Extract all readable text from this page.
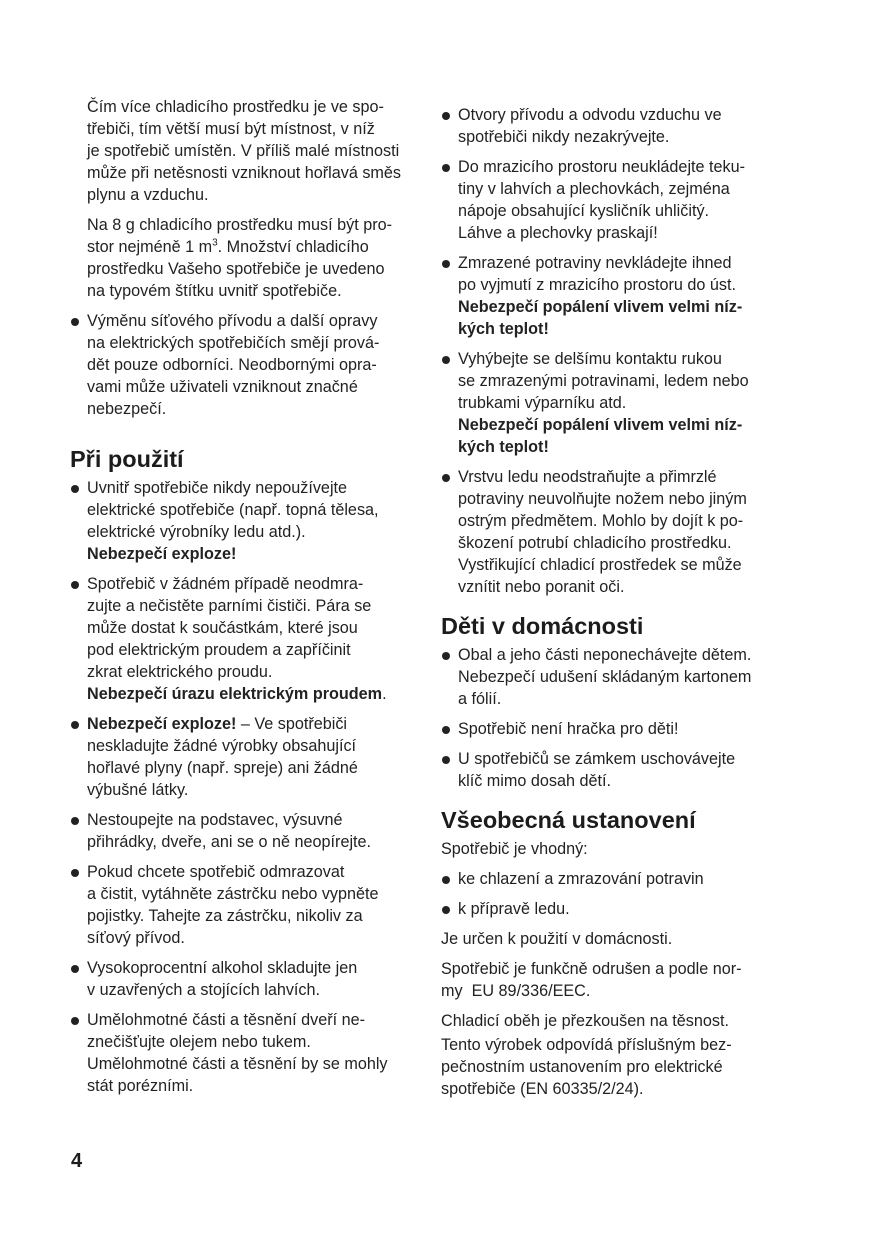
Čím více chladicího prostředku je ve spo-
třebiči, tím větší musí být místnost, v níž
je spotřebič umístěn. V příliš malé místnosti
může při netěsnosti vzniknout hořlavá směs
plynu a vzduchu.
Na 8 g chladicího prostředku musí být pro-
stor nejméně 1 $m^3$. Množství chladicího
prostředku Vašeho spotřebiče je uvedeno
na typovém štítku uvnitř spotřebiče.
Výměnu síťového přívodu a další opravy
na elektrických spotřebičích smějí prová-
dět pouze odborníci. Neodbornými opra-
vami může uživateli vzniknout značné
nebezpečí.
Při použití
Uvnitř spotřebiče nikdy nepoužívejte
elektrické spotřebiče (např. topná tělesa,
elektrické výrobníky ledu atd.).
Nebezpečí exploze!
Spotřebič v žádném případě neodmra-
zujte a nečistěte parními čističi. Pára se
může dostat k součástkám, které jsou
pod elektrickým proudem a zapříčinit
zkrat elektrického proudu.
Nebezpečí úrazu elektrickým proudem.
Nebezpečí exploze! – Ve spotřebiči
neskladujte žádné výrobky obsahující
hořlavé plyny (např. spreje) ani žádné
výbušné látky.
Nestoupejte na podstavec, výsuvné
přihrádky, dveře, ani se o ně neopírejte.
Pokud chcete spotřebič odmrazovat
a čistit, vytáhněte zástrčku nebo vypněte
pojistky. Tahejte za zástrčku, nikoliv za
síťový přívod.
Vysokoprocentní alkohol skladujte jen
v uzavřených a stojících lahvích.
Umělohmotné části a těsnění dveří ne-
znečišťujte olejem nebo tukem.
Umělohmotné části a těsnění by se mohly
stát porézními.
Otvory přívodu a odvodu vzduchu ve
spotřebiči nikdy nezakrývejte.
Do mrazicího prostoru neukládejte teku-
tiny v lahvích a plechovkách, zejména
nápoje obsahující kysličník uhličitý.
Láhve a plechovky praskají!
Zmrazené potraviny nevkládejte ihned
po vyjmutí z mrazicího prostoru do úst.
Nebezpečí popálení vlivem velmi níz-
kých teplot!
Vyhýbejte se delšímu kontaktu rukou
se zmrazenými potravinami, ledem nebo
trubkami výparníku atd.
Nebezpečí popálení vlivem velmi níz-
kých teplot!
Vrstvu ledu neodstraňujte a přimrzlé
potraviny neuvolňujte nožem nebo jiným
ostrým předmětem. Mohlo by dojít k po-
škození potrubí chladicího prostředku.
Vystřikující chladicí prostředek se může
vznítit nebo poranit oči.
Děti v domácnosti
Obal a jeho části neponechávejte dětem.
Nebezpečí udušení skládaným kartonem
a fólií.
Spotřebič není hračka pro děti!
U spotřebičů se zámkem uschovávejte
klíč mimo dosah dětí.
Všeobecná ustanovení
Spotřebič je vhodný:
ke chlazení a zmrazování potravin
k přípravě ledu.
Je určen k použití v domácnosti.
Spotřebič je funkčně odrušen a podle nor-
my  EU 89/336/EEC.
Chladicí oběh je přezkoušen na těsnost.
Tento výrobek odpovídá příslušným bez-
pečnostním ustanovením pro elektrické
spotřebiče (EN 60335/2/24).
4
